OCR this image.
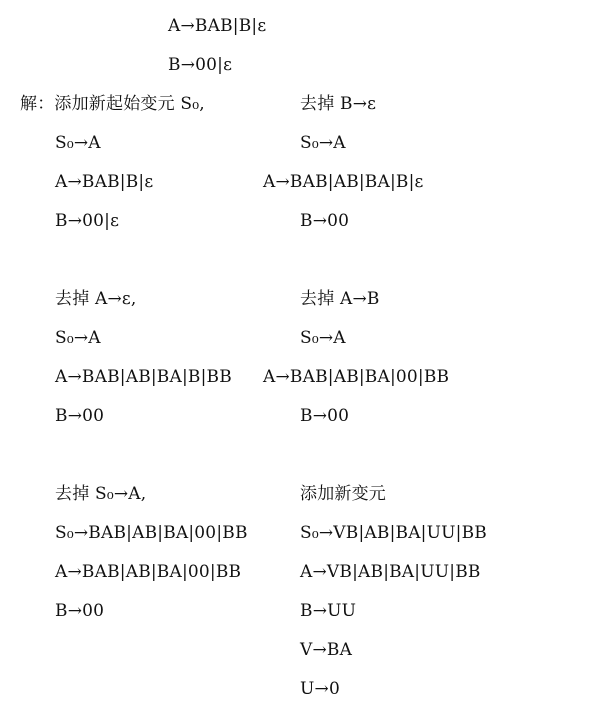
A→BAB|B|ε
B→00|ε
解：添加新起始变元 S₀,
S₀→A
A→BAB|B|ε
B→00|ε
去掉 B→ε
S₀→A
A→BAB|AB|BA|B|ε
B→00
去掉 A→ε,
S₀→A
A→BAB|AB|BA|B|BB
B→00
去掉 A→B
S₀→A
A→BAB|AB|BA|00|BB
B→00
去掉 S₀→A,
S₀→BAB|AB|BA|00|BB
A→BAB|AB|BA|00|BB
B→00
添加新变元
S₀→VB|AB|BA|UU|BB
A→VB|AB|BA|UU|BB
B→UU
V→BA
U→0
